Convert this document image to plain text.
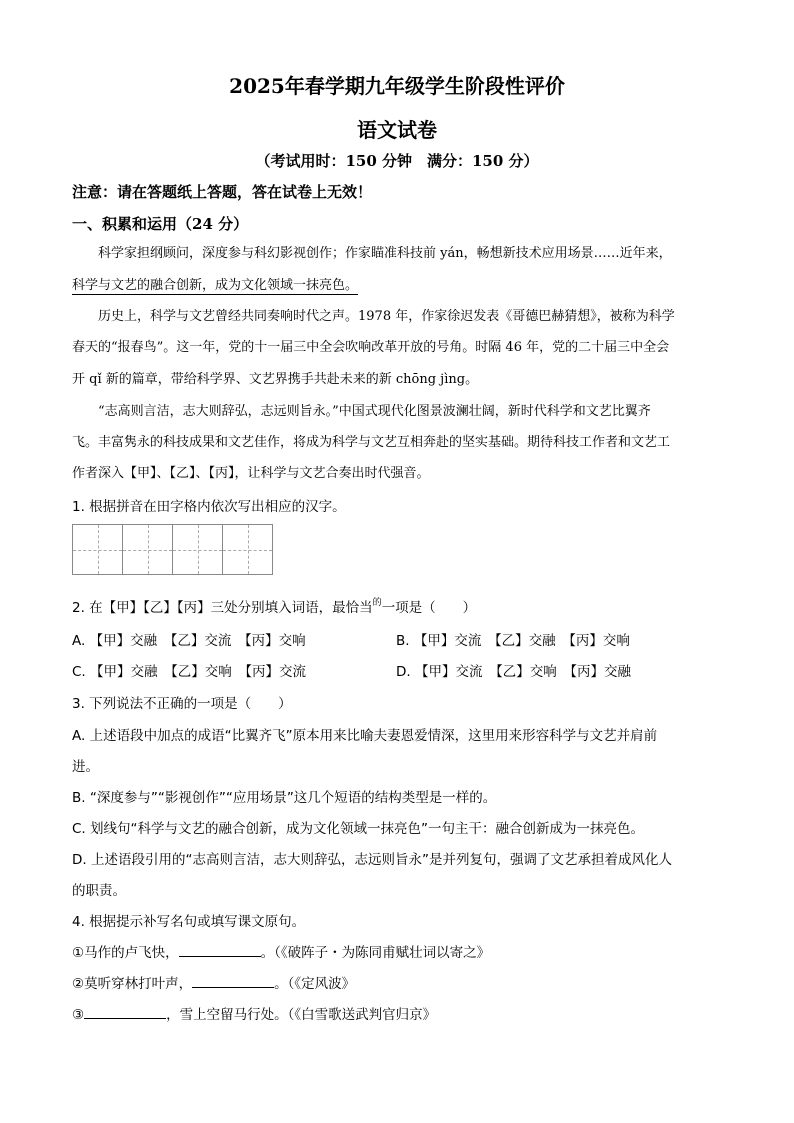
2025年春学期九年级学生阶段性评价
语文试卷
（考试用时：150 分钟　满分：150 分）
注意：请在答题纸上答题，答在试卷上无效！
一、积累和运用（24 分）
科学家担纲顾问，深度参与科幻影视创作；作家瞄准科技前 yán，畅想新技术应用场景……近年来，
科学与文艺的融合创新，成为文化领域一抹亮色。
历史上，科学与文艺曾经共同奏响时代之声。1978 年，作家徐迟发表《哥德巴赫猜想》，被称为科学
春天的“报春鸟”。这一年，党的十一届三中全会吹响改革开放的号角。时隔 46 年，党的二十届三中全会
开 qǐ 新的篇章，带给科学界、文艺界携手共赴未来的新 chōng jìng。
“志高则言洁，志大则辞弘，志远则旨永。”中国式现代化图景波澜壮阔，新时代科学和文艺比翼齐
飞。丰富隽永的科技成果和文艺佳作，将成为科学与文艺互相奔赴的坚实基础。期待科技工作者和文艺工
作者深入【甲】、【乙】、【丙】，让科学与文艺合奏出时代强音。
1. 根据拼音在田字格内依次写出相应的汉字。
2. 在【甲】【乙】【丙】三处分别填入词语，最恰当$^的$一项是（　　）
A. 【甲】交融　【乙】交流　【丙】交响	B. 【甲】交流　【乙】交融　【丙】交响
C. 【甲】交融　【乙】交响　【丙】交流	D. 【甲】交流　【乙】交响　【丙】交融
3. 下列说法不正确的一项是（　　）
A. 上述语段中加点的成语“比翼齐飞”原本用来比喻夫妻恩爱情深，这里用来形容科学与文艺并肩前
进。
B. “深度参与”“影视创作”“应用场景”这几个短语的结构类型是一样的。
C. 划线句“科学与文艺的融合创新，成为文化领域一抹亮色”一句主干：融合创新成为一抹亮色。
D. 上述语段引用的“志高则言洁，志大则辞弘，志远则旨永”是并列复句，强调了文艺承担着成风化人
的职责。
4. 根据提示补写名句或填写课文原句。
①马作的卢飞快，	。（《破阵子・为陈同甫赋壮词以寄之》
②莫听穿林打叶声，	。（《定风波》
③	，雪上空留马行处。（《白雪歌送武判官归京》
